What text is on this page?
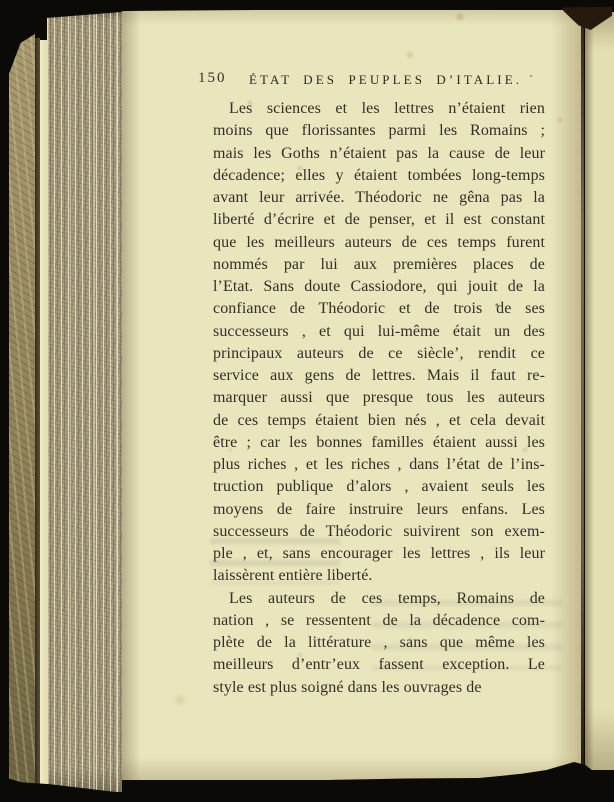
150 ÉTAT DES PEUPLES D’ITALIE.
Les sciences et les lettres n’étaient rien
moins que florissantes parmi les Romains ;
mais les Goths n’étaient pas la cause de leur
décadence; elles y étaient tombées long-temps
avant leur arrivée. Théodoric ne gêna pas la
liberté d’écrire et de penser, et il est constant
que les meilleurs auteurs de ces temps furent
nommés par lui aux premières places de
l’Etat. Sans doute Cassiodore, qui jouit de la
confiance de Théodoric et de trois de ses
successeurs , et qui lui-même était un des
principaux auteurs de ce siècle’, rendit ce
service aux gens de lettres. Mais il faut re-
marquer aussi que presque tous les auteurs
de ces temps étaient bien nés , et cela devait
être ; car les bonnes familles étaient aussi les
plus riches , et les riches , dans l’état de l’ins-
truction publique d’alors , avaient seuls les
moyens de faire instruire leurs enfans. Les
successeurs de Théodoric suivirent son exem-
ple , et, sans encourager les lettres , ils leur
laissèrent entière liberté.
Les auteurs de ces temps, Romains de
nation , se ressentent de la décadence com-
plète de la littérature , sans que même les
meilleurs d’entr’eux fassent exception. Le
style est plus soigné dans les ouvrages de
